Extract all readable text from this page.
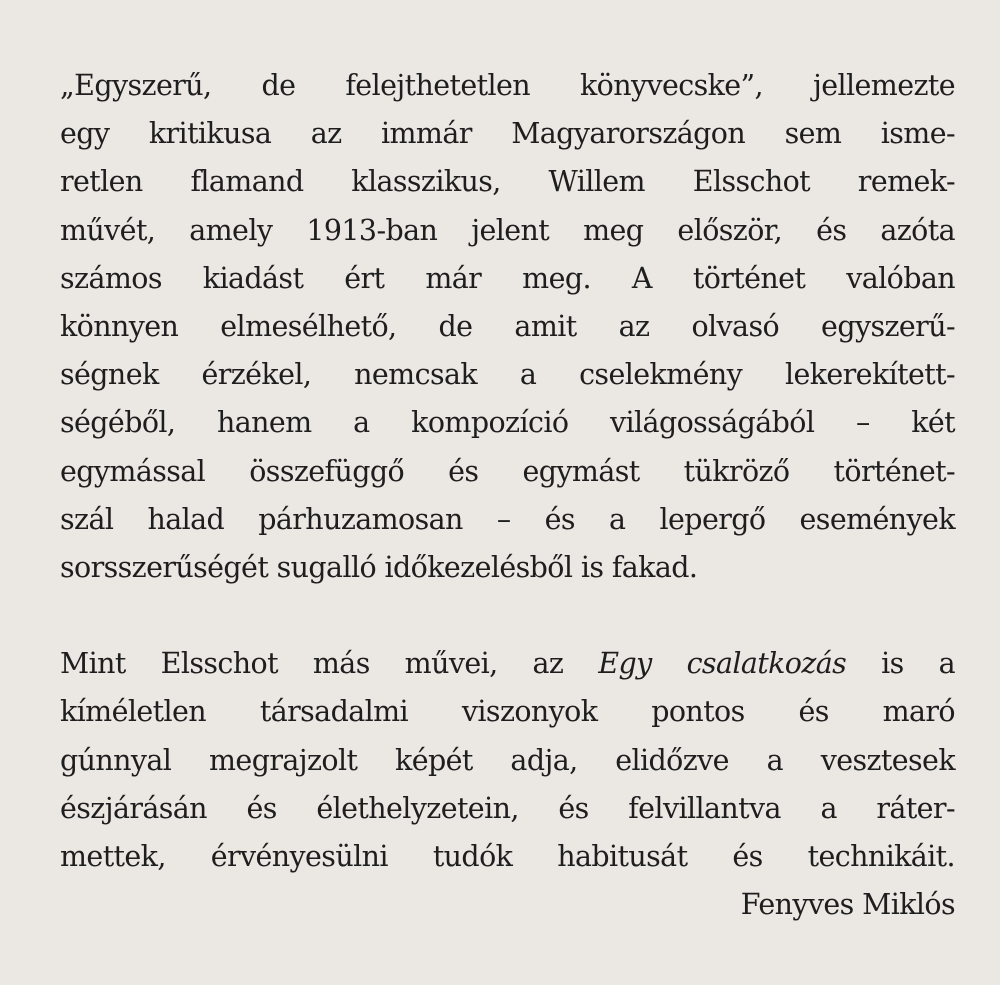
„Egyszerű, de felejthetetlen könyvecske”, jellemezte
egy kritikusa az immár Magyarországon sem isme-
retlen flamand klasszikus, Willem Elsschot remek-
művét, amely 1913-ban jelent meg először, és azóta
számos kiadást ért már meg. A történet valóban
könnyen elmesélhető, de amit az olvasó egyszerű-
ségnek érzékel, nemcsak a cselekmény lekerekített-
ségéből, hanem a kompozíció világosságából – két
egymással összefüggő és egymást tükröző történet-
szál halad párhuzamosan – és a lepergő események
sorsszerűségét sugalló időkezelésből is fakad.
Mint Elsschot más művei, az Egy csalatkozás is a
kíméletlen társadalmi viszonyok pontos és maró
gúnnyal megrajzolt képét adja, elidőzve a vesztesek
észjárásán és élethelyzetein, és felvillantva a ráter-
mettek, érvényesülni tudók habitusát és technikáit.
Fenyves Miklós
